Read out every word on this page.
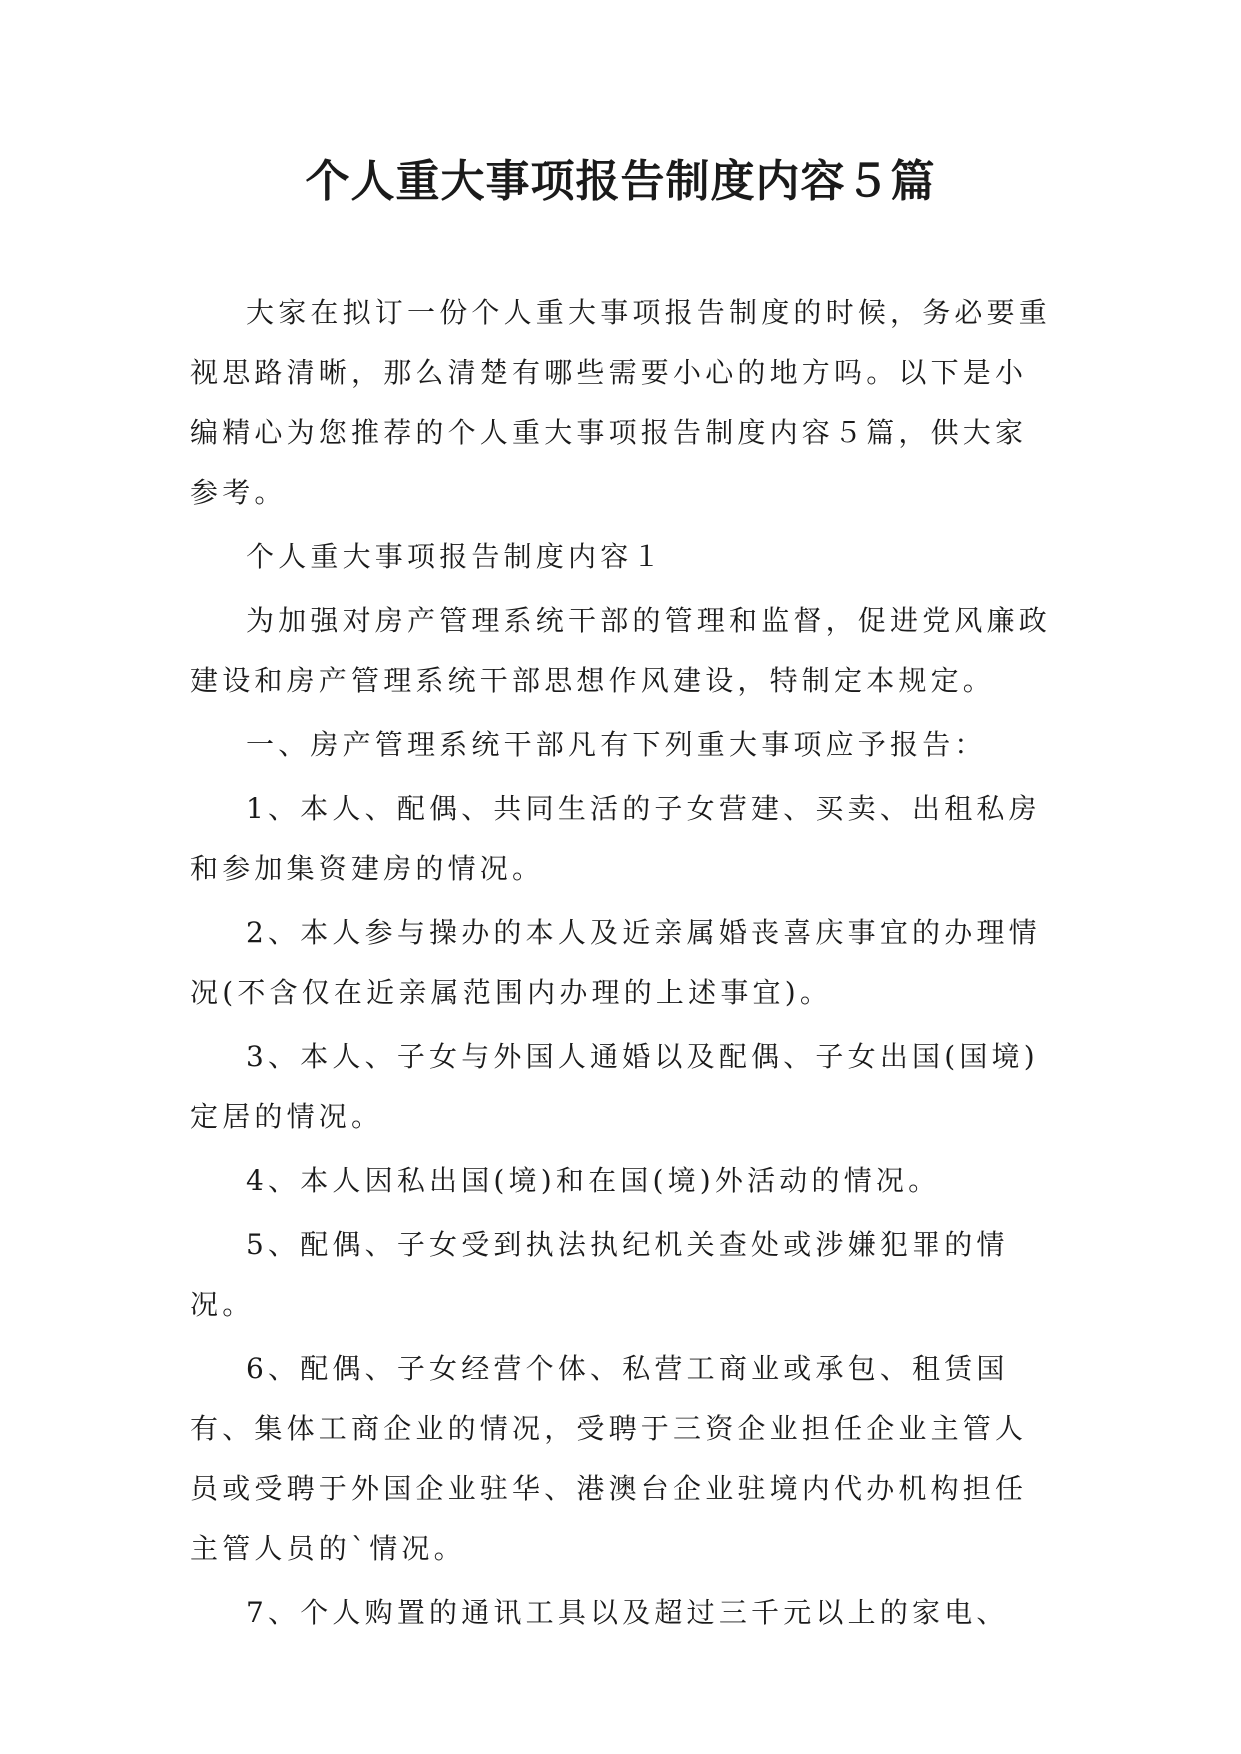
个人重大事项报告制度内容５篇

大家在拟订一份个人重大事项报告制度的时候，务必要重视思路清晰，那么清楚有哪些需要小心的地方吗。以下是小编精心为您推荐的个人重大事项报告制度内容５篇，供大家参考。

个人重大事项报告制度内容１

为加强对房产管理系统干部的管理和监督，促进党风廉政建设和房产管理系统干部思想作风建设，特制定本规定。

一、房产管理系统干部凡有下列重大事项应予报告：

1、本人、配偶、共同生活的子女营建、买卖、出租私房和参加集资建房的情况。

2、本人参与操办的本人及近亲属婚丧喜庆事宜的办理情况(不含仅在近亲属范围内办理的上述事宜)。

3、本人、子女与外国人通婚以及配偶、子女出国(国境)定居的情况。

4、本人因私出国(境)和在国(境)外活动的情况。

5、配偶、子女受到执法执纪机关查处或涉嫌犯罪的情况。

6、配偶、子女经营个体、私营工商业或承包、租赁国有、集体工商企业的情况，受聘于三资企业担任企业主管人员或受聘于外国企业驻华、港澳台企业驻境内代办机构担任主管人员的`情况。

7、个人购置的通讯工具以及超过三千元以上的家电、
